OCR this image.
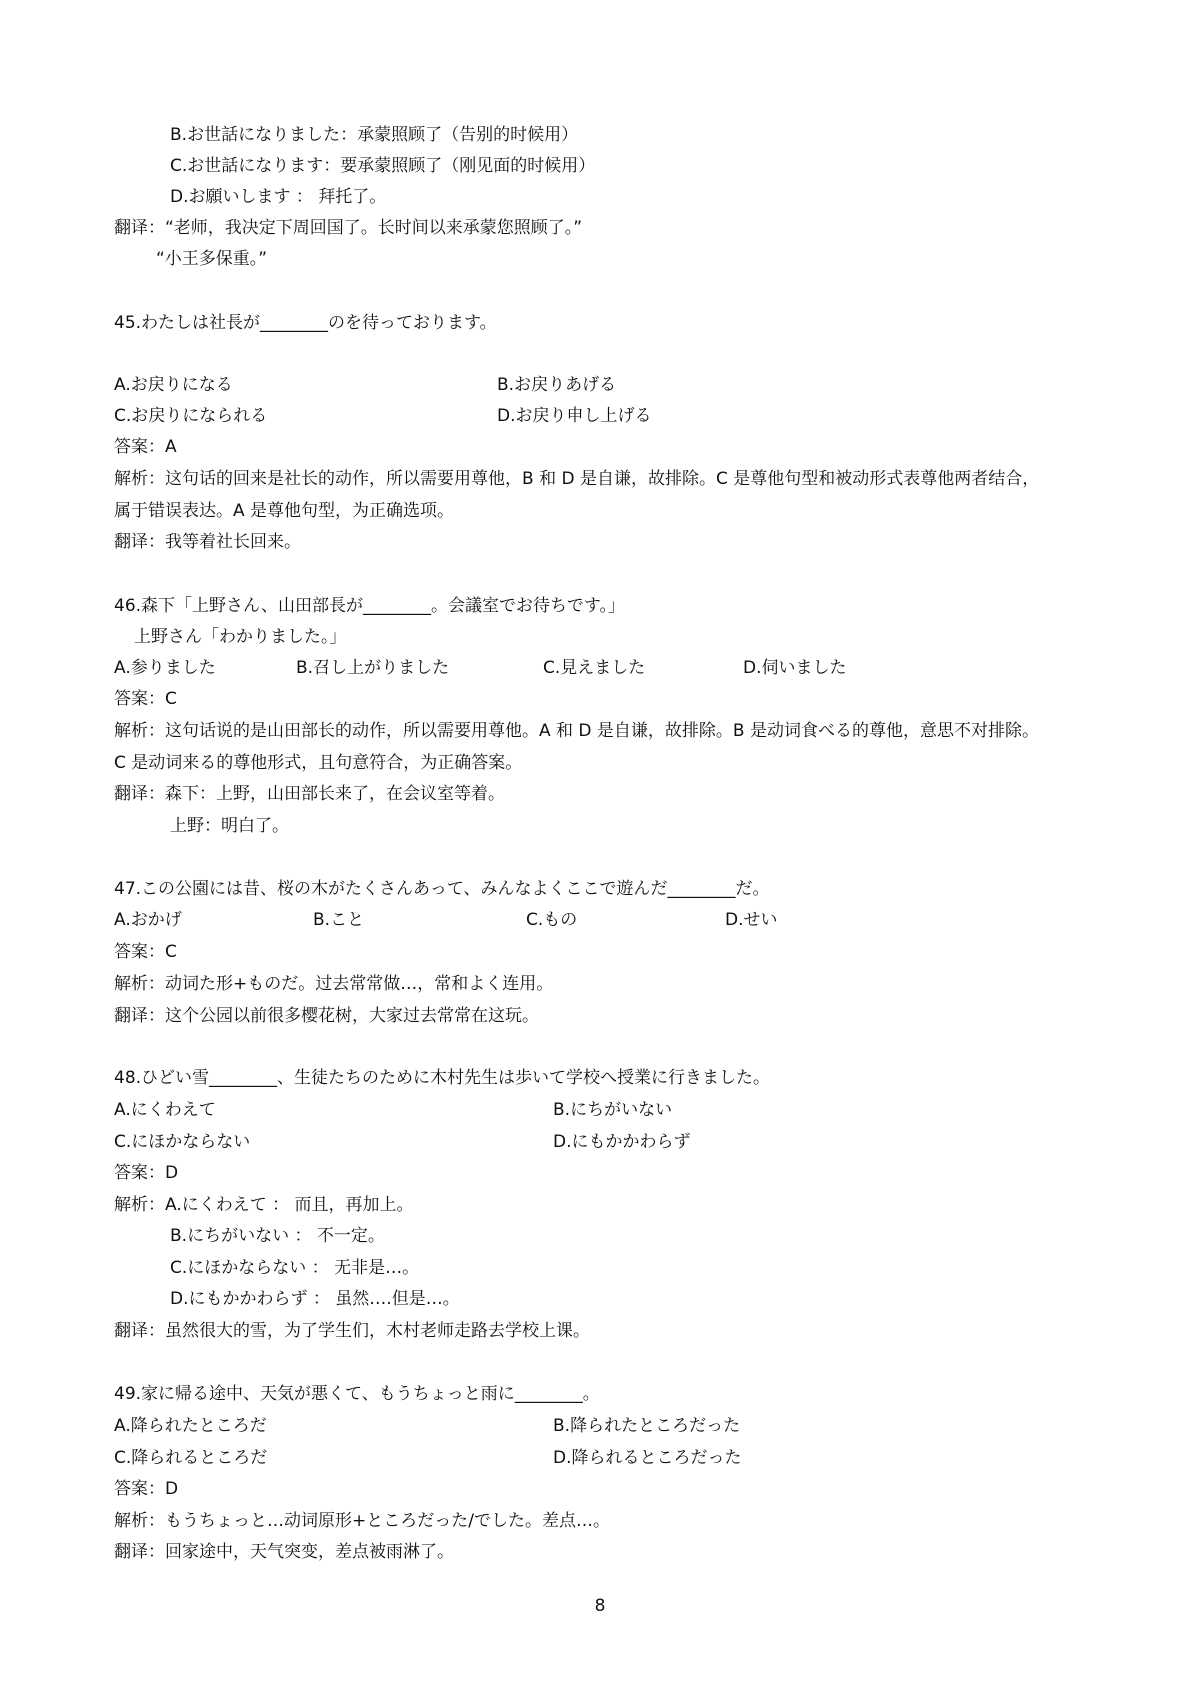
B.お世話になりました：承蒙照顾了（告别的时候用）
C.お世話になります：要承蒙照顾了（刚见面的时候用）
D.お願いします ： 拜托了。
翻译：“老师，我决定下周回国了。长时间以来承蒙您照顾了。”
“小王多保重。”
45.わたしは社長が________のを待っております。
A.お戻りになる	B.お戻りあげる
C.お戻りになられる	D.お戻り申し上げる
答案：A
解析：这句话的回来是社长的动作，所以需要用尊他，B 和 D 是自谦，故排除。C 是尊他句型和被动形式表尊他两者结合，
属于错误表达。A 是尊他句型，为正确选项。
翻译：我等着社长回来。
46.森下「上野さん、山田部長が________。会議室でお待ちです。」
上野さん「わかりました。」
A.参りました	B.召し上がりました	C.見えました	D.伺いました
答案：C
解析：这句话说的是山田部长的动作，所以需要用尊他。A 和 D 是自谦，故排除。B 是动词食べる的尊他，意思不对排除。
C 是动词来る的尊他形式，且句意符合，为正确答案。
翻译：森下：上野，山田部长来了，在会议室等着。
上野：明白了。
47.この公園には昔、桜の木がたくさんあって、みんなよくここで遊んだ________だ。
A.おかげ	B.こと	C.もの	D.せい
答案：C
解析：动词た形+ものだ。过去常常做…，常和よく连用。
翻译：这个公园以前很多樱花树，大家过去常常在这玩。
48.ひどい雪________、生徒たちのために木村先生は歩いて学校へ授業に行きました。
A.にくわえて	B.にちがいない
C.にほかならない	D.にもかかわらず
答案：D
解析：A.にくわえて ： 而且，再加上。
B.にちがいない ： 不一定。
C.にほかならない ： 无非是…。
D.にもかかわらず ： 虽然….但是…。
翻译：虽然很大的雪，为了学生们，木村老师走路去学校上课。
49.家に帰る途中、天気が悪くて、もうちょっと雨に________。
A.降られたところだ	B.降られたところだった
C.降られるところだ	D.降られるところだった
答案：D
解析：もうちょっと…动词原形+ところだった/でした。差点…。
翻译：回家途中，天气突变，差点被雨淋了。
8
